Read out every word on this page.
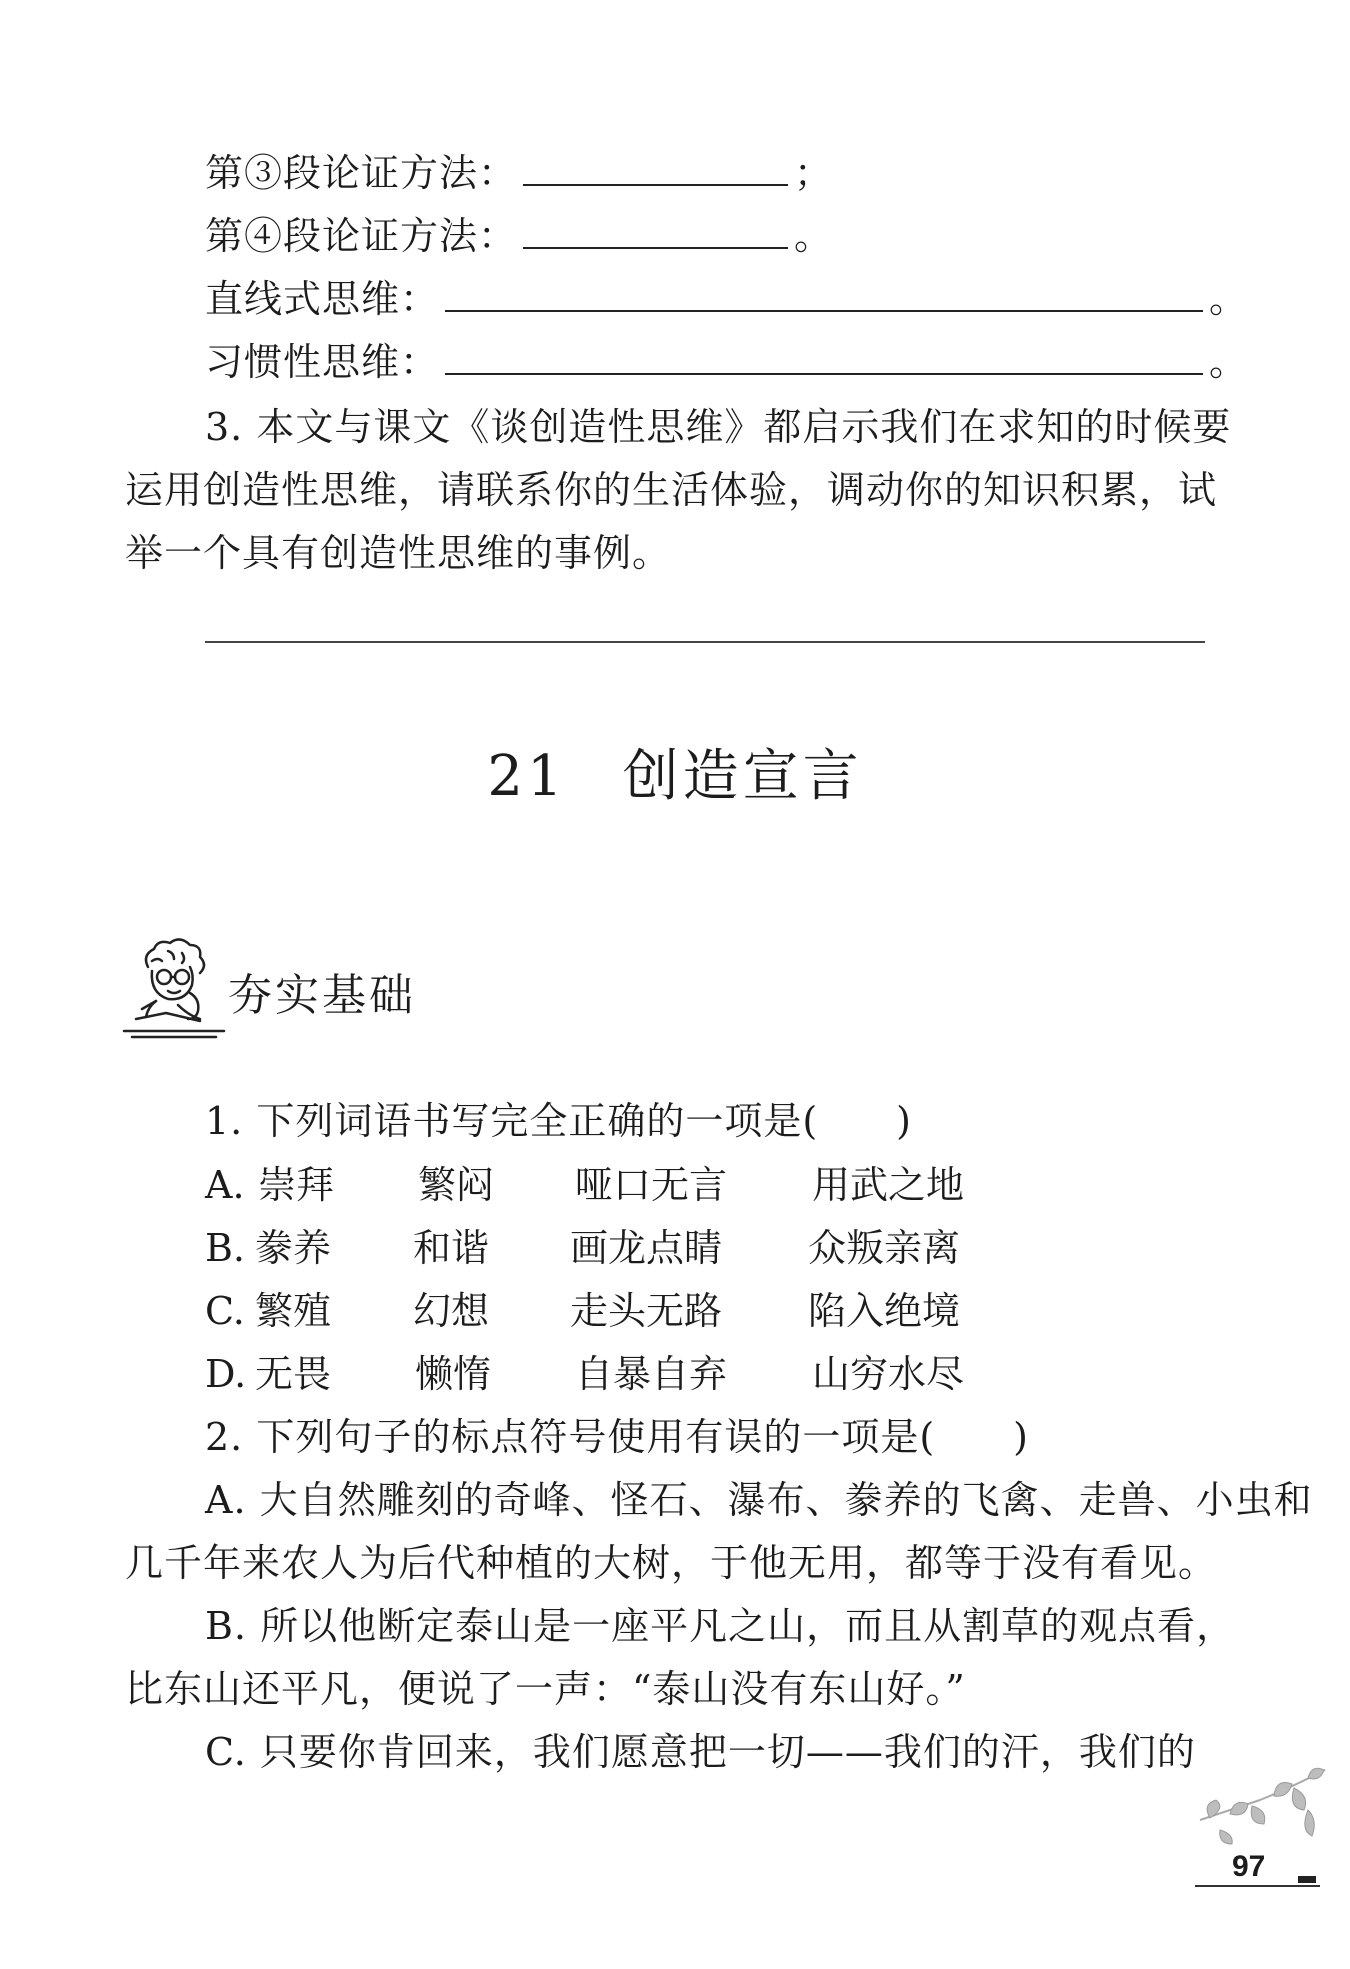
第③段论证方法：	；
第④段论证方法：	。
直线式思维：	。
习惯性思维：	。
3. 本文与课文《谈创造性思维》都启示我们在求知的时候要
运用创造性思维，请联系你的生活体验，调动你的知识积累，试
举一个具有创造性思维的事例。
21 创造宣言
夯实基础
1. 下列词语书写完全正确的一项是(　　)
A. 崇拜 繁闷 哑口无言 用武之地
B. 豢养 和谐 画龙点睛 众叛亲离
C. 繁殖 幻想 走头无路 陷入绝境
D. 无畏 懒惰 自暴自弃 山穷水尽
2. 下列句子的标点符号使用有误的一项是(　　)
A. 大自然雕刻的奇峰、怪石、瀑布、豢养的飞禽、走兽、小虫和
几千年来农人为后代种植的大树，于他无用，都等于没有看见。
B. 所以他断定泰山是一座平凡之山，而且从割草的观点看，
比东山还平凡，便说了一声：“泰山没有东山好。”
C. 只要你肯回来，我们愿意把一切——我们的汗，我们的
97
